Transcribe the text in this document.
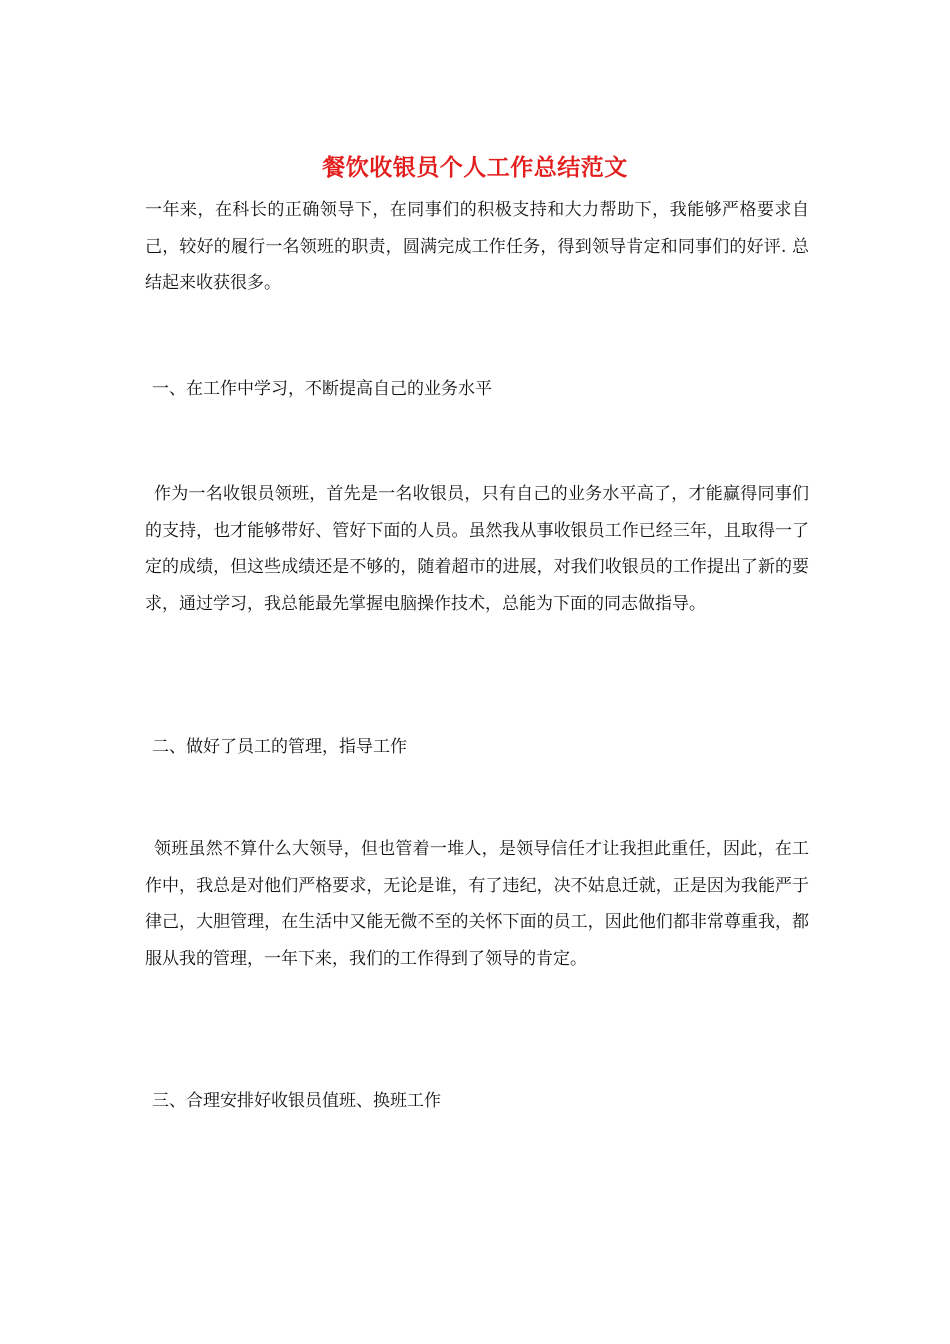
餐饮收银员个人工作总结范文

一年来，在科长的正确领导下，在同事们的积极支持和大力帮助下，我能够严格要求自己，较好的履行一名领班的职责，圆满完成工作任务，得到领导肯定和同事们的好评. 总结起来收获很多。

一、在工作中学习，不断提高自己的业务水平

作为一名收银员领班，首先是一名收银员，只有自己的业务水平高了，才能赢得同事们的支持，也才能够带好、管好下面的人员。虽然我从事收银员工作已经三年，且取得一了定的成绩，但这些成绩还是不够的，随着超市的进展，对我们收银员的工作提出了新的要求，通过学习，我总能最先掌握电脑操作技术，总能为下面的同志做指导。

二、做好了员工的管理，指导工作

领班虽然不算什么大领导，但也管着一堆人，是领导信任才让我担此重任，因此，在工作中，我总是对他们严格要求，无论是谁，有了违纪，决不姑息迁就，正是因为我能严于律己，大胆管理，在生活中又能无微不至的关怀下面的员工，因此他们都非常尊重我，都服从我的管理，一年下来，我们的工作得到了领导的肯定。

三、合理安排好收银员值班、换班工作
